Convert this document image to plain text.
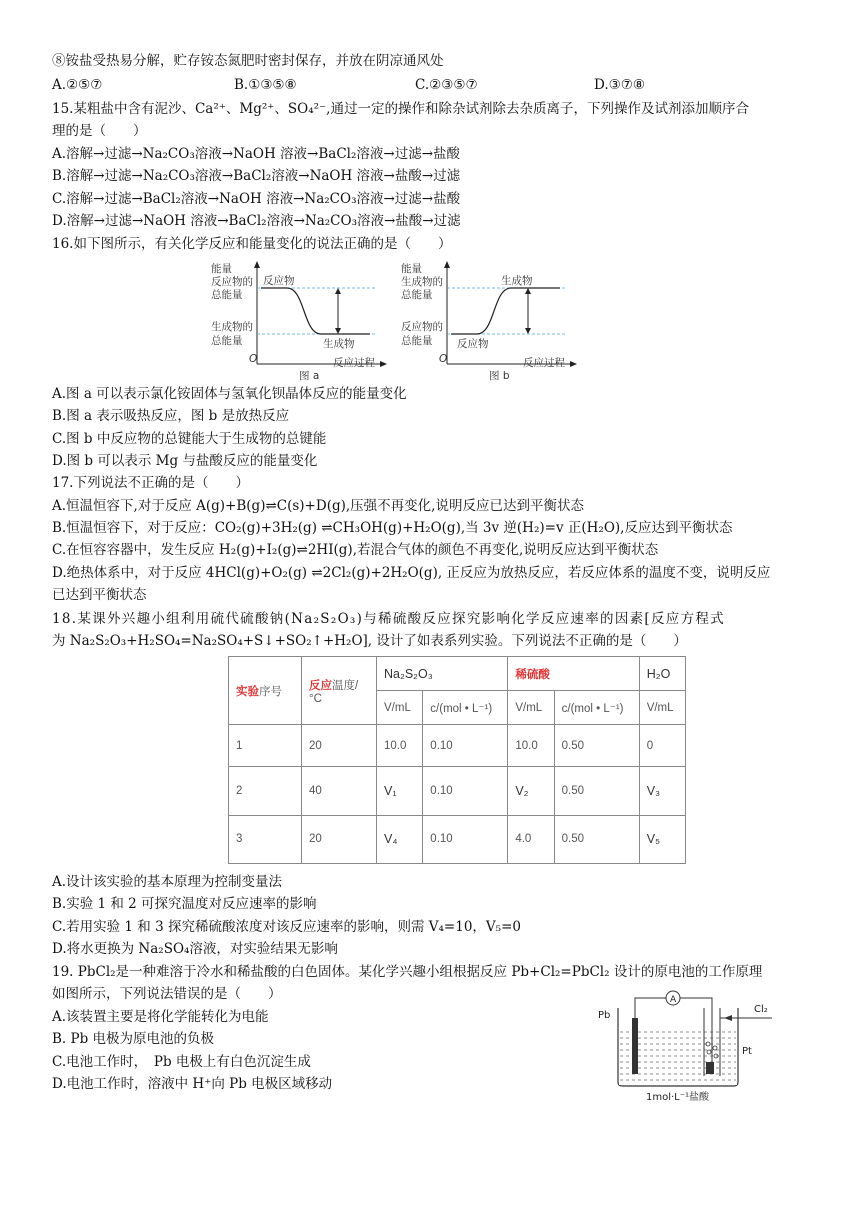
⑧铵盐受热易分解，贮存铵态氮肥时密封保存，并放在阴凉通风处
A.②⑤⑦	B.①③⑤⑧	C.②③⑤⑦	D.③⑦⑧
15.某粗盐中含有泥沙、Ca²⁺、Mg²⁺、SO₄²⁻,通过一定的操作和除杂试剂除去杂质离子，下列操作及试剂添加顺序合
理的是（　　）
A.溶解→过滤→Na₂CO₃溶液→NaOH 溶液→BaCl₂溶液→过滤→盐酸
B.溶解→过滤→Na₂CO₃溶液→BaCl₂溶液→NaOH 溶液→盐酸→过滤
C.溶解→过滤→BaCl₂溶液→NaOH 溶液→Na₂CO₃溶液→过滤→盐酸
D.溶解→过滤→NaOH 溶液→BaCl₂溶液→Na₂CO₃溶液→盐酸→过滤
16.如下图所示，有关化学反应和能量变化的说法正确的是（　　）
能量
反应物的
总能量
反应物
生成物的
总能量	生成物
O	反应过程
图 a
能量
生成物的
总能量
生成物
反应物的
总能量 反应物
O	反应过程
图 b
A.图 a 可以表示氯化铵固体与氢氧化钡晶体反应的能量变化
B.图 a 表示吸热反应，图 b 是放热反应
C.图 b 中反应物的总键能大于生成物的总键能
D.图 b 可以表示 Mg 与盐酸反应的能量变化
17.下列说法不正确的是（　　）
A.恒温恒容下,对于反应 A(g)+B(g)⇌C(s)+D(g),压强不再变化,说明反应已达到平衡状态
B.恒温恒容下，对于反应：CO₂(g)+3H₂(g) ⇌CH₃OH(g)+H₂O(g),当 3v 逆(H₂)=v 正(H₂O),反应达到平衡状态
C.在恒容容器中，发生反应 H₂(g)+I₂(g)⇌2HI(g),若混合气体的颜色不再变化,说明反应达到平衡状态
D.绝热体系中，对于反应 4HCl(g)+O₂(g) ⇌2Cl₂(g)+2H₂O(g), 正反应为放热反应，若反应体系的温度不变，说明反应
已达到平衡状态
18.某课外兴趣小组利用硫代硫酸钠(Na₂S₂O₃)与稀硫酸反应探究影响化学反应速率的因素[反应方程式
为 Na₂S₂O₃+H₂SO₄=Na₂SO₄+S↓+SO₂↑+H₂O], 设计了如表系列实验。下列说法不正确的是（　　）
实验序号	反应温度/°C	Na₂S₂O₃		稀硫酸		H₂O
		V/mL	c/(mol • L⁻¹)	V/mL	c/(mol • L⁻¹)	V/mL
1	20	10.0	0.10	10.0	0.50	0
2	40	V₁	0.10	V₂	0.50	V₃
3	20	V₄	0.10	4.0	0.50	V₅
A.设计该实验的基本原理为控制变量法
B.实验 1 和 2 可探究温度对反应速率的影响
C.若用实验 1 和 3 探究稀硫酸浓度对该反应速率的影响，则需 V₄=10，V₅=0
D.将水更换为 Na₂SO₄溶液，对实验结果无影响
19. PbCl₂是一种难溶于冷水和稀盐酸的白色固体。某化学兴趣小组根据反应 Pb+Cl₂=PbCl₂ 设计的原电池的工作原理
如图所示，下列说法错误的是（　　）
A.该装置主要是将化学能转化为电能
B. Pb 电极为原电池的负极
C.电池工作时，　Pb 电极上有白色沉淀生成
D.电池工作时，溶液中 H⁺向 Pb 电极区域移动
A
Pb
Pt
Cl₂
1mol·L⁻¹盐酸
